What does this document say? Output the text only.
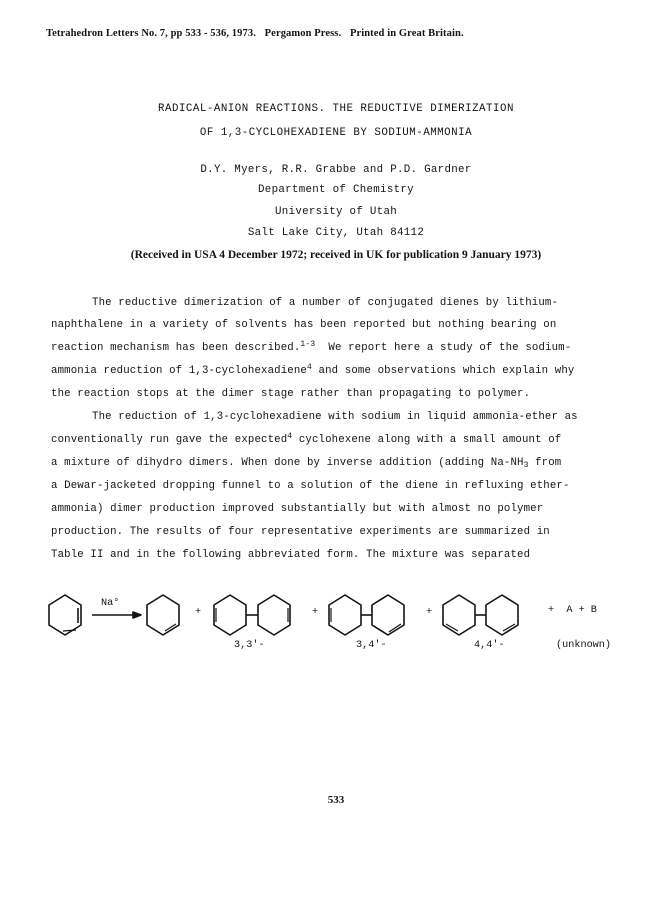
Tetrahedron Letters No. 7, pp 533 - 536, 1973. Pergamon Press. Printed in Great Britain.
RADICAL-ANION REACTIONS. THE REDUCTIVE DIMERIZATION
OF 1,3-CYCLOHEXADIENE BY SODIUM-AMMONIA
D.Y. Myers, R.R. Grabbe and P.D. Gardner
Department of Chemistry
University of Utah
Salt Lake City, Utah 84112
(Received in USA 4 December 1972; received in UK for publication 9 January 1973)
The reductive dimerization of a number of conjugated dienes by lithium-
naphthalene in a variety of solvents has been reported but nothing bearing on
reaction mechanism has been described.$^{1-3}$  We report here a study of the sodium-
ammonia reduction of 1,3-cyclohexadiene$^4$ and some observations which explain why
the reaction stops at the dimer stage rather than propagating to polymer.
The reduction of 1,3-cyclohexadiene with sodium in liquid ammonia-ether as
conventionally run gave the expected$^4$ cyclohexene along with a small amount of
a mixture of dihydro dimers. When done by inverse addition (adding $Na-NH_3$ from
a Dewar-jacketed dropping funnel to a solution of the diene in refluxing ether-
ammonia) dimer production improved substantially but with almost no polymer
production. The results of four representative experiments are summarized in
Table II and in the following abbreviated form. The mixture was separated
Na°
+	+	+	+  A + B
3,3'-	3,4'-	4,4'-	(unknown)
533
